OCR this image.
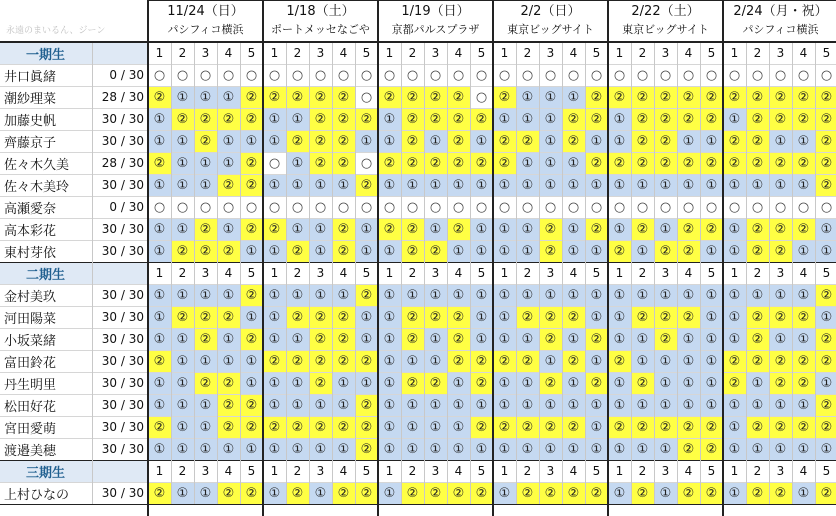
永遠のまいるん、ジーン
11/24（日）
パシフィコ横浜
1/18（土）
ポートメッセなごや
1/19（日）
京都パルスプラザ
2/2（日）
東京ビッグサイト
2/22（土）
東京ビッグサイト
2/24（月・祝）
パシフィコ横浜
一期生	1	2	3	4	5	1	2	3	4	5	1	2	3	4	5	1	2	3	4	5	1	2	3	4	5	1	2	3	4	5
井口眞緒	0 / 30 ○ ○ ○ ○ ○ ○ ○ ○ ○ ○ ○ ○ ○ ○ ○ ○ ○ ○ ○ ○ ○ ○ ○ ○ ○ ○ ○ ○ ○ ○
潮紗理菜	28 / 30 ② ① ① ① ② ② ② ② ② ○ ② ② ② ② ○ ② ① ① ① ② ② ② ② ② ② ② ② ② ② ②
加藤史帆	30 / 30 ① ② ② ② ② ① ① ② ② ② ① ② ② ② ② ① ① ① ② ② ① ② ② ② ② ① ② ② ② ②
齊藤京子	30 / 30 ① ① ② ① ① ① ② ② ② ① ① ② ① ② ① ② ② ① ② ① ① ② ② ① ① ② ② ① ① ②
佐々木久美	28 / 30 ② ① ① ① ② ○ ① ② ② ○ ② ② ② ② ② ② ① ① ① ② ② ② ② ② ② ② ② ② ② ②
佐々木美玲	30 / 30 ① ① ① ② ② ① ① ① ① ② ① ① ① ① ① ① ① ① ① ① ① ① ① ① ① ① ① ① ① ②
高瀬愛奈	0 / 30 ○ ○ ○ ○ ○ ○ ○ ○ ○ ○ ○ ○ ○ ○ ○ ○ ○ ○ ○ ○ ○ ○ ○ ○ ○ ○ ○ ○ ○ ○
高本彩花	30 / 30 ① ① ② ① ② ② ① ① ② ① ② ② ① ② ① ① ① ② ① ② ① ② ① ② ② ① ② ② ② ①
東村芽依	30 / 30 ① ② ② ② ① ① ② ① ② ① ① ② ② ① ① ① ① ② ① ① ② ① ② ② ① ① ② ② ① ①
二期生	1	2	3	4	5	1	2	3	4	5	1	2	3	4	5	1	2	3	4	5	1	2	3	4	5	1	2	3	4	5
金村美玖	30 / 30 ① ① ① ① ② ① ① ① ① ② ① ① ① ① ① ① ① ① ① ① ① ① ① ① ① ① ① ① ① ②
河田陽菜	30 / 30 ① ② ② ② ① ① ② ② ② ① ① ② ② ② ① ① ② ② ② ① ① ② ② ② ① ① ② ② ② ①
小坂菜緒	30 / 30 ① ① ② ① ② ① ① ② ② ① ① ② ① ② ① ① ① ② ① ② ① ① ② ① ① ① ② ① ① ②
富田鈴花	30 / 30 ② ① ① ① ① ② ② ② ② ② ① ① ① ② ② ② ② ① ② ① ② ① ① ① ① ② ② ② ② ②
丹生明里	30 / 30 ① ① ② ② ① ① ① ② ① ① ① ② ② ① ② ① ① ② ① ② ① ② ① ① ① ② ① ② ② ①
松田好花	30 / 30 ① ① ① ② ② ① ① ① ① ② ① ① ① ① ① ① ① ① ① ① ① ① ① ① ① ① ① ① ① ②
宮田愛萌	30 / 30 ② ① ① ② ② ② ② ② ② ② ① ① ① ① ② ② ② ② ② ① ② ② ② ② ② ① ② ② ② ②
渡邉美穂	30 / 30 ① ① ① ① ① ① ① ① ① ② ① ① ① ① ① ① ① ① ① ① ① ① ① ② ② ① ① ① ① ①
三期生	1	2	3	4	5	1	2	3	4	5	1	2	3	4	5	1	2	3	4	5	1	2	3	4	5	1	2	3	4	5
上村ひなの	30 / 30 ② ① ① ② ② ① ② ① ② ② ① ② ② ② ② ① ② ② ② ② ① ② ① ② ② ① ② ② ① ②
